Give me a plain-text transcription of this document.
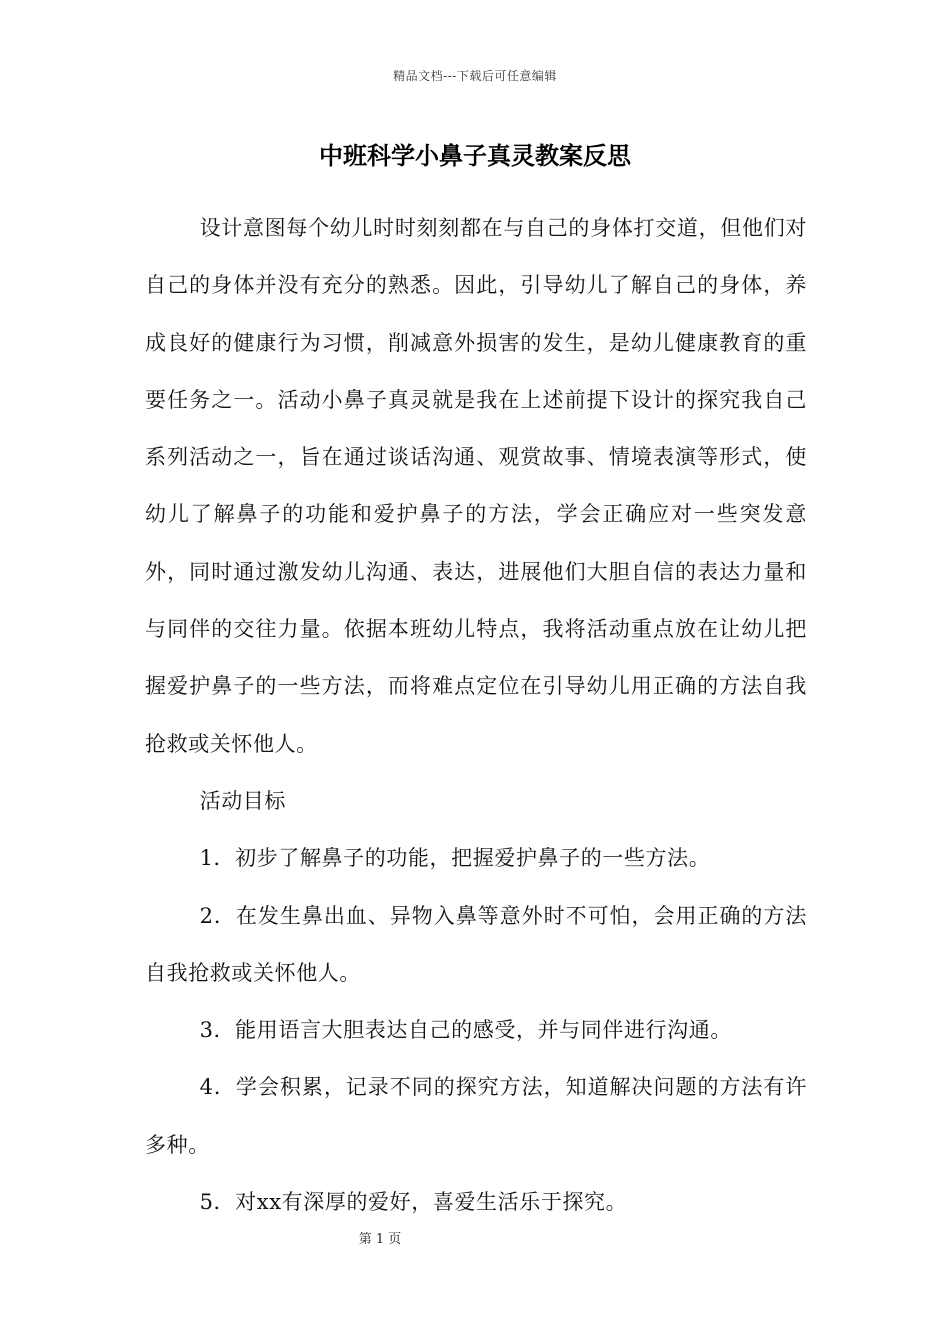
精品文档---下载后可任意编辑
中班科学小鼻子真灵教案反思

设计意图每个幼儿时时刻刻都在与自己的身体打交道，但他们对自己的身体并没有充分的熟悉。因此，引导幼儿了解自己的身体，养成良好的健康行为习惯，削减意外损害的发生，是幼儿健康教育的重要任务之一。活动小鼻子真灵就是我在上述前提下设计的探究我自己系列活动之一，旨在通过谈话沟通、观赏故事、情境表演等形式，使幼儿了解鼻子的功能和爱护鼻子的方法，学会正确应对一些突发意外，同时通过激发幼儿沟通、表达，进展他们大胆自信的表达力量和与同伴的交往力量。依据本班幼儿特点，我将活动重点放在让幼儿把握爱护鼻子的一些方法，而将难点定位在引导幼儿用正确的方法自我抢救或关怀他人。

活动目标

1．初步了解鼻子的功能，把握爱护鼻子的一些方法。

2．在发生鼻出血、异物入鼻等意外时不可怕，会用正确的方法自我抢救或关怀他人。

3．能用语言大胆表达自己的感受，并与同伴进行沟通。

4．学会积累，记录不同的探究方法，知道解决问题的方法有许多种。

5．对xx有深厚的爱好，喜爱生活乐于探究。

第 1 页
